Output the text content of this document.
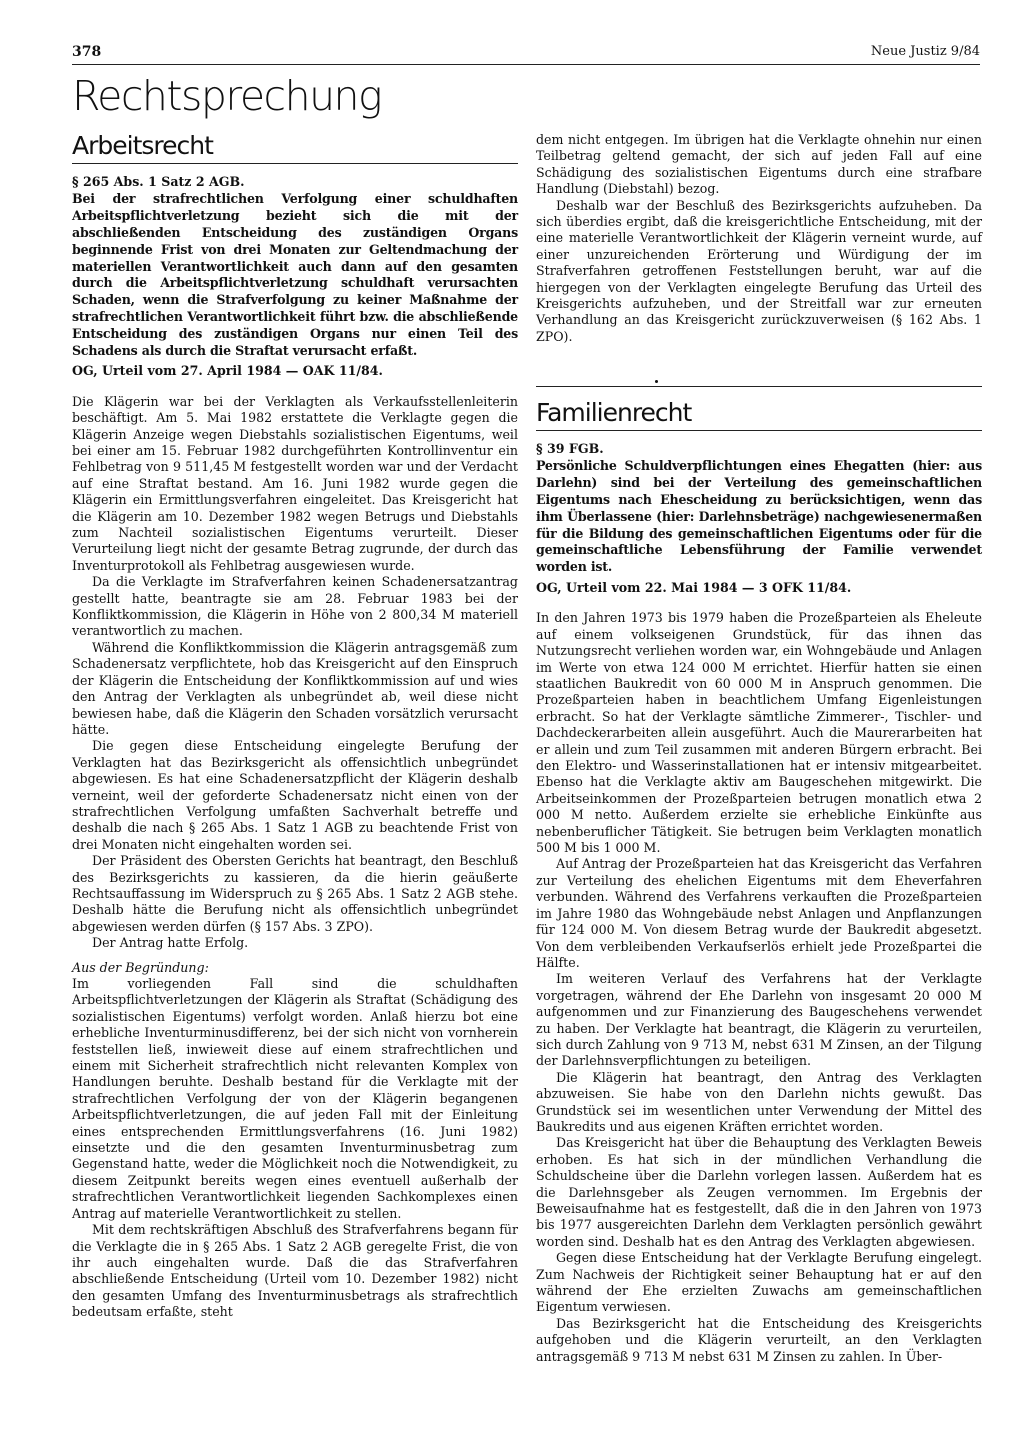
378	Neue Justiz 9/84
Rechtsprechung
Arbeitsrecht

§ 265 Abs. 1 Satz 2 AGB.

Bei der strafrechtlichen Verfolgung einer schuldhaften Arbeitspflichtverletzung bezieht sich die mit der abschließenden Entscheidung des zuständigen Organs beginnende Frist von drei Monaten zur Geltendmachung der materiellen Verantwortlichkeit auch dann auf den gesamten durch die Arbeitspflichtverletzung schuldhaft verursachten Schaden, wenn die Strafverfolgung zu keiner Maßnahme der strafrechtlichen Verantwortlichkeit führt bzw. die abschließende Entscheidung des zuständigen Organs nur einen Teil des Schadens als durch die Straftat verursacht erfaßt.

OG, Urteil vom 27. April 1984 — OAK 11/84.

Die Klägerin war bei der Verklagten als Verkaufsstellenleiterin beschäftigt. Am 5. Mai 1982 erstattete die Verklagte gegen die Klägerin Anzeige wegen Diebstahls sozialistischen Eigentums, weil bei einer am 15. Februar 1982 durchgeführten Kontrollinventur ein Fehlbetrag von 9 511,45 M festgestellt worden war und der Verdacht auf eine Straftat bestand. Am 16. Juni 1982 wurde gegen die Klägerin ein Ermittlungsverfahren eingeleitet. Das Kreisgericht hat die Klägerin am 10. Dezember 1982 wegen Betrugs und Diebstahls zum Nachteil sozialistischen Eigentums verurteilt. Dieser Verurteilung liegt nicht der gesamte Betrag zugrunde, der durch das Inventurprotokoll als Fehlbetrag ausgewiesen wurde.

Da die Verklagte im Strafverfahren keinen Schadenersatzantrag gestellt hatte, beantragte sie am 28. Februar 1983 bei der Konfliktkommission, die Klägerin in Höhe von 2 800,34 M materiell verantwortlich zu machen.

Während die Konfliktkommission die Klägerin antragsgemäß zum Schadenersatz verpflichtete, hob das Kreisgericht auf den Einspruch der Klägerin die Entscheidung der Konfliktkommission auf und wies den Antrag der Verklagten als unbegründet ab, weil diese nicht bewiesen habe, daß die Klägerin den Schaden vorsätzlich verursacht hätte.

Die gegen diese Entscheidung eingelegte Berufung der Verklagten hat das Bezirksgericht als offensichtlich unbegründet abgewiesen. Es hat eine Schadenersatzpflicht der Klägerin deshalb verneint, weil der geforderte Schadenersatz nicht einen von der strafrechtlichen Verfolgung umfaßten Sachverhalt betreffe und deshalb die nach § 265 Abs. 1 Satz 1 AGB zu beachtende Frist von drei Monaten nicht eingehalten worden sei.

Der Präsident des Obersten Gerichts hat beantragt, den Beschluß des Bezirksgerichts zu kassieren, da die hierin geäußerte Rechtsauffassung im Widerspruch zu § 265 Abs. 1 Satz 2 AGB stehe. Deshalb hätte die Berufung nicht als offensichtlich unbegründet abgewiesen werden dürfen (§ 157 Abs. 3 ZPO).

Der Antrag hatte Erfolg.

Aus der Begründung:

Im vorliegenden Fall sind die schuldhaften Arbeitspflichtverletzungen der Klägerin als Straftat (Schädigung des sozialistischen Eigentums) verfolgt worden. Anlaß hierzu bot eine erhebliche Inventurminusdifferenz, bei der sich nicht von vornherein feststellen ließ, inwieweit diese auf einem strafrechtlichen und einem mit Sicherheit strafrechtlich nicht relevanten Komplex von Handlungen beruhte. Deshalb bestand für die Verklagte mit der strafrechtlichen Verfolgung der von der Klägerin begangenen Arbeitspflichtverletzungen, die auf jeden Fall mit der Einleitung eines entsprechenden Ermittlungsverfahrens (16. Juni 1982) einsetzte und die den gesamten Inventurminusbetrag zum Gegenstand hatte, weder die Möglichkeit noch die Notwendigkeit, zu diesem Zeitpunkt bereits wegen eines eventuell außerhalb der strafrechtlichen Verantwortlichkeit liegenden Sachkomplexes einen Antrag auf materielle Verantwortlichkeit zu stellen.

Mit dem rechtskräftigen Abschluß des Strafverfahrens begann für die Verklagte die in § 265 Abs. 1 Satz 2 AGB geregelte Frist, die von ihr auch eingehalten wurde. Daß die das Strafverfahren abschließende Entscheidung (Urteil vom 10. Dezember 1982) nicht den gesamten Umfang des Inventurminusbetrags als strafrechtlich bedeutsam erfaßte, steht

dem nicht entgegen. Im übrigen hat die Verklagte ohnehin nur einen Teilbetrag geltend gemacht, der sich auf jeden Fall auf eine Schädigung des sozialistischen Eigentums durch eine strafbare Handlung (Diebstahl) bezog.

Deshalb war der Beschluß des Bezirksgerichts aufzuheben. Da sich überdies ergibt, daß die kreisgerichtliche Entscheidung, mit der eine materielle Verantwortlichkeit der Klägerin verneint wurde, auf einer unzureichenden Erörterung und Würdigung der im Strafverfahren getroffenen Feststellungen beruht, war auf die hiergegen von der Verklagten eingelegte Berufung das Urteil des Kreisgerichts aufzuheben, und der Streitfall war zur erneuten Verhandlung an das Kreisgericht zurückzuverweisen (§ 162 Abs. 1 ZPO).

Familienrecht

§ 39 FGB.

Persönliche Schuldverpflichtungen eines Ehegatten (hier: aus Darlehn) sind bei der Verteilung des gemeinschaftlichen Eigentums nach Ehescheidung zu berücksichtigen, wenn das ihm Überlassene (hier: Darlehnsbeträge) nachgewiesenermaßen für die Bildung des gemeinschaftlichen Eigentums oder für die gemeinschaftliche Lebensführung der Familie verwendet worden ist.

OG, Urteil vom 22. Mai 1984 — 3 OFK 11/84.

In den Jahren 1973 bis 1979 haben die Prozeßparteien als Eheleute auf einem volkseigenen Grundstück, für das ihnen das Nutzungsrecht verliehen worden war, ein Wohngebäude und Anlagen im Werte von etwa 124 000 M errichtet. Hierfür hatten sie einen staatlichen Baukredit von 60 000 M in Anspruch genommen. Die Prozeßparteien haben in beachtlichem Umfang Eigenleistungen erbracht. So hat der Verklagte sämtliche Zimmerer-, Tischler- und Dachdeckerarbeiten allein ausgeführt. Auch die Maurerarbeiten hat er allein und zum Teil zusammen mit anderen Bürgern erbracht. Bei den Elektro- und Wasserinstallationen hat er intensiv mitgearbeitet. Ebenso hat die Verklagte aktiv am Baugeschehen mitgewirkt. Die Arbeitseinkommen der Prozeßparteien betrugen monatlich etwa 2 000 M netto. Außerdem erzielte sie erhebliche Einkünfte aus nebenberuflicher Tätigkeit. Sie betrugen beim Verklagten monatlich 500 M bis 1 000 M.

Auf Antrag der Prozeßparteien hat das Kreisgericht das Verfahren zur Verteilung des ehelichen Eigentums mit dem Eheverfahren verbunden. Während des Verfahrens verkauften die Prozeßparteien im Jahre 1980 das Wohngebäude nebst Anlagen und Anpflanzungen für 124 000 M. Von diesem Betrag wurde der Baukredit abgesetzt. Von dem verbleibenden Verkaufserlös erhielt jede Prozeßpartei die Hälfte.

Im weiteren Verlauf des Verfahrens hat der Verklagte vorgetragen, während der Ehe Darlehn von insgesamt 20 000 M aufgenommen und zur Finanzierung des Baugeschehens verwendet zu haben. Der Verklagte hat beantragt, die Klägerin zu verurteilen, sich durch Zahlung von 9 713 M, nebst 631 M Zinsen, an der Tilgung der Darlehnsverpflichtungen zu beteiligen.

Die Klägerin hat beantragt, den Antrag des Verklagten abzuweisen. Sie habe von den Darlehn nichts gewußt. Das Grundstück sei im wesentlichen unter Verwendung der Mittel des Baukredits und aus eigenen Kräften errichtet worden.

Das Kreisgericht hat über die Behauptung des Verklagten Beweis erhoben. Es hat sich in der mündlichen Verhandlung die Schuldscheine über die Darlehn vorlegen lassen. Außerdem hat es die Darlehnsgeber als Zeugen vernommen. Im Ergebnis der Beweisaufnahme hat es festgestellt, daß die in den Jahren von 1973 bis 1977 ausgereichten Darlehn dem Verklagten persönlich gewährt worden sind. Deshalb hat es den Antrag des Verklagten abgewiesen.

Gegen diese Entscheidung hat der Verklagte Berufung eingelegt. Zum Nachweis der Richtigkeit seiner Behauptung hat er auf den während der Ehe erzielten Zuwachs am gemeinschaftlichen Eigentum verwiesen.

Das Bezirksgericht hat die Entscheidung des Kreisgerichts aufgehoben und die Klägerin verurteilt, an den Verklagten antragsgemäß 9 713 M nebst 631 M Zinsen zu zahlen. In Über-
